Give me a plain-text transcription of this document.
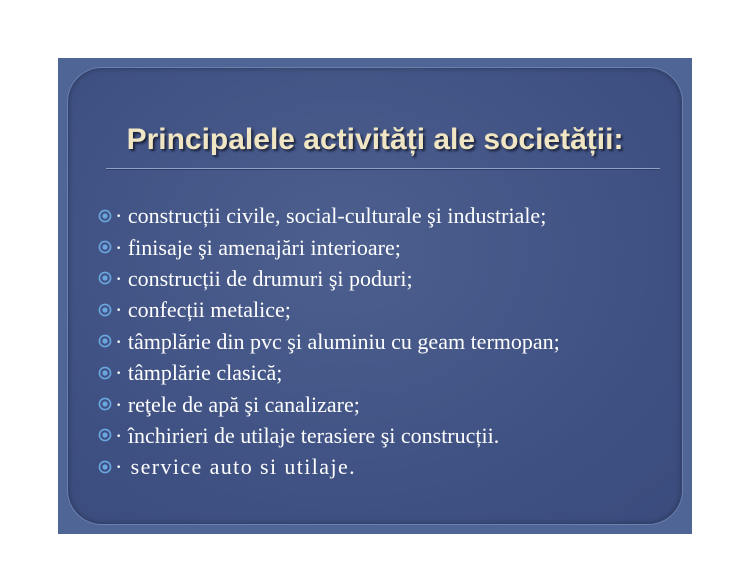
Principalele activități ale societății:
· construcții civile, social-culturale şi industriale;
· finisaje şi amenajări interioare;
· construcții de drumuri şi poduri;
· confecții metalice;
· tâmplărie din pvc şi aluminiu cu geam termopan;
· tâmplărie clasică;
· reţele de apă şi canalizare;
· închirieri de utilaje terasiere şi construcții.
· service auto si utilaje.
